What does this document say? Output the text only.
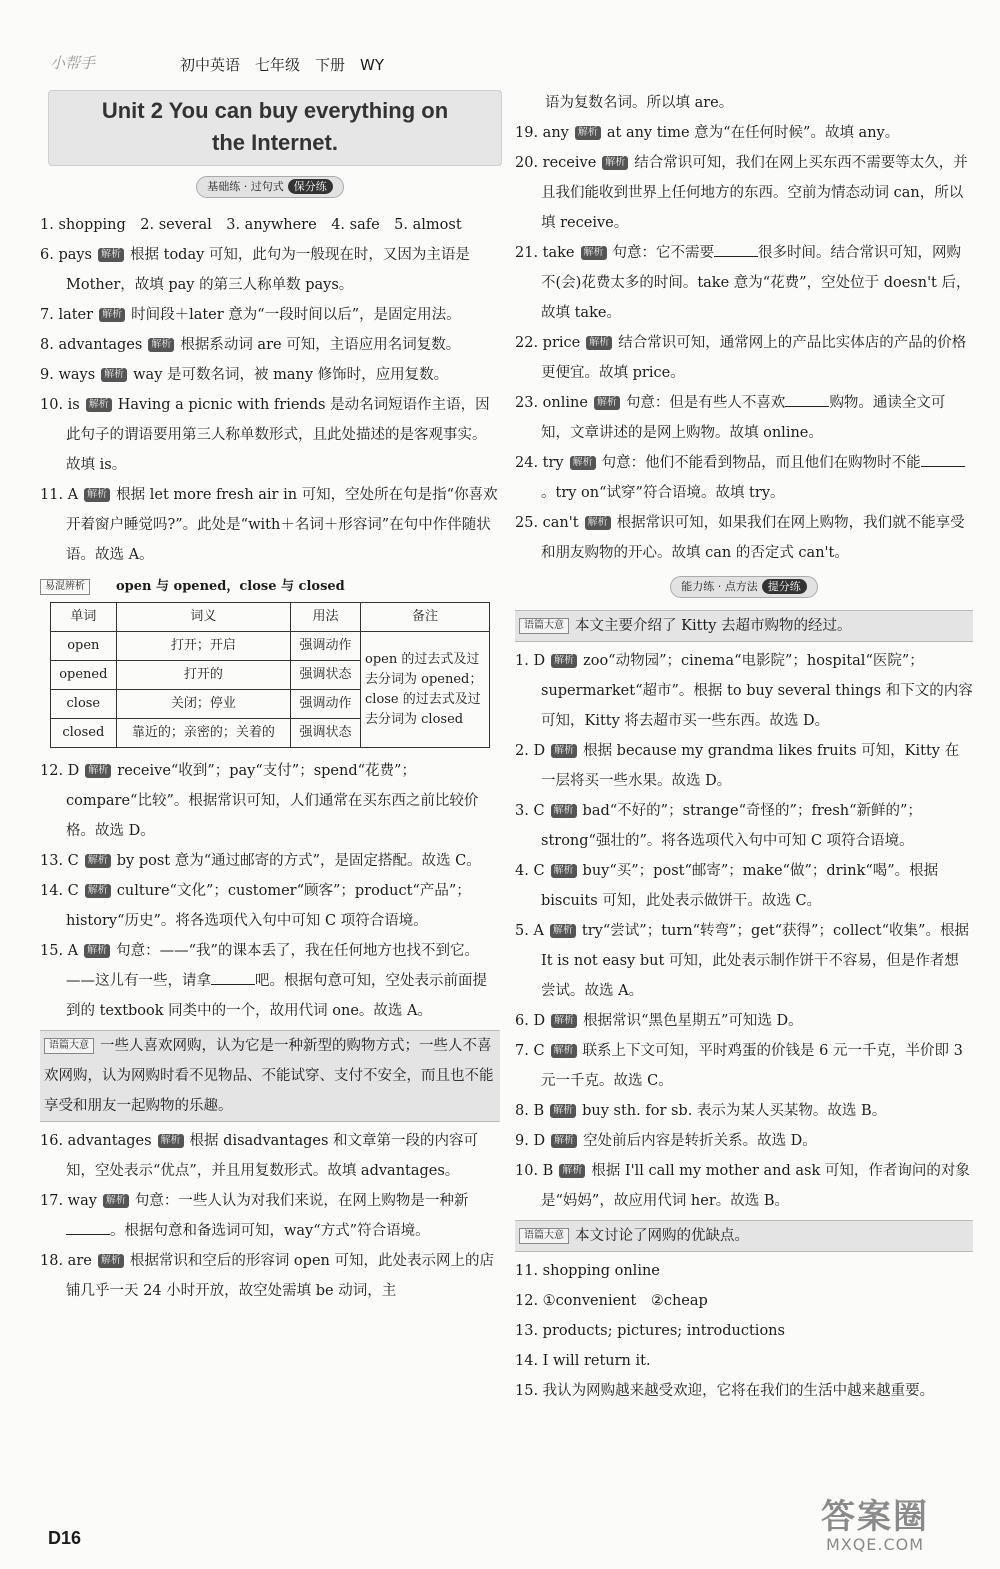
小帮手	初中英语　七年级　下册　WY
Unit 2 You can buy everything on
the Internet.
基础练 · 过句式 保分练

1. shopping　2. several　3. anywhere　4. safe　5. almost

6. pays 解析 根据 today 可知，此句为一般现在时，又因为主语是 Mother，故填 pay 的第三人称单数 pays。

7. later 解析 时间段＋later 意为“一段时间以后”，是固定用法。

8. advantages 解析 根据系动词 are 可知，主语应用名词复数。

9. ways 解析 way 是可数名词，被 many 修饰时，应用复数。

10. is 解析 Having a picnic with friends 是动名词短语作主语，因此句子的谓语要用第三人称单数形式，且此处描述的是客观事实。故填 is。

11. A 解析 根据 let more fresh air in 可知，空处所在句是指“你喜欢开着窗户睡觉吗?”。此处是“with＋名词＋形容词”在句中作伴随状语。故选 A。

易混辨析	open 与 opened，close 与 closed
单词	词义	用法	备注
open	打开；开启	强调动作	open 的过去式及过去分词为 opened；close 的过去式及过去分词为 closed
opened	打开的	强调状态	
close	关闭；停业	强调动作	
closed	靠近的；亲密的；关着的	强调状态	

12. D 解析 receive“收到”；pay“支付”；spend“花费”；compare“比较”。根据常识可知，人们通常在买东西之前比较价格。故选 D。

13. C 解析 by post 意为“通过邮寄的方式”，是固定搭配。故选 C。

14. C 解析 culture“文化”；customer“顾客”；product“产品”；history“历史”。将各选项代入句中可知 C 项符合语境。

15. A 解析 句意：——“我”的课本丢了，我在任何地方也找不到它。——这儿有一些，请拿	吧。根据句意可知，空处表示前面提到的 textbook 同类中的一个，故用代词 one。故选 A。

语篇大意 一些人喜欢网购，认为它是一种新型的购物方式；一些人不喜欢网购，认为网购时看不见物品、不能试穿、支付不安全，而且也不能享受和朋友一起购物的乐趣。

16. advantages 解析 根据 disadvantages 和文章第一段的内容可知，空处表示“优点”，并且用复数形式。故填 advantages。

17. way 解析 句意：一些人认为对我们来说，在网上购物是一种新。根据句意和备选词可知，way“方式”符合语境。

18. are 解析 根据常识和空后的形容词 open 可知，此处表示网上的店铺几乎一天 24 小时开放，故空处需填 be 动词，主

语为复数名词。所以填 are。

19. any 解析 at any time 意为“在任何时候”。故填 any。

20. receive 解析 结合常识可知，我们在网上买东西不需要等太久，并且我们能收到世界上任何地方的东西。空前为情态动词 can，所以填 receive。

21. take 解析 句意：它不需要	很多时间。结合常识可知，网购不(会)花费太多的时间。take 意为“花费”，空处位于 doesn't 后，故填 take。

22. price 解析 结合常识可知，通常网上的产品比实体店的产品的价格更便宜。故填 price。

23. online 解析 句意：但是有些人不喜欢	购物。通读全文可知，文章讲述的是网上购物。故填 online。

24. try 解析 句意：他们不能看到物品，而且他们在购物时不能。try on“试穿”符合语境。故填 try。

25. can't 解析 根据常识可知，如果我们在网上购物，我们就不能享受和朋友购物的开心。故填 can 的否定式 can't。

能力练 · 点方法 提分练
语篇大意 本文主要介绍了 Kitty 去超市购物的经过。

1. D 解析 zoo“动物园”；cinema“电影院”；hospital“医院”；supermarket“超市”。根据 to buy several things 和下文的内容可知，Kitty 将去超市买一些东西。故选 D。

2. D 解析 根据 because my grandma likes fruits 可知，Kitty 在一层将买一些水果。故选 D。

3. C 解析 bad“不好的”；strange“奇怪的”；fresh“新鲜的”；strong“强壮的”。将各选项代入句中可知 C 项符合语境。

4. C 解析 buy“买”；post“邮寄”；make“做”；drink“喝”。根据 biscuits 可知，此处表示做饼干。故选 C。

5. A 解析 try“尝试”；turn“转弯”；get“获得”；collect“收集”。根据 It is not easy but 可知，此处表示制作饼干不容易，但是作者想尝试。故选 A。

6. D 解析 根据常识“黑色星期五”可知选 D。

7. C 解析 联系上下文可知，平时鸡蛋的价钱是 6 元一千克，半价即 3 元一千克。故选 C。

8. B 解析 buy sth. for sb. 表示为某人买某物。故选 B。

9. D 解析 空处前后内容是转折关系。故选 D。

10. B 解析 根据 I'll call my mother and ask 可知，作者询问的对象是“妈妈”，故应用代词 her。故选 B。

语篇大意 本文讨论了网购的优缺点。

11. shopping online

12. ①convenient　②cheap

13. products; pictures; introductions

14. I will return it.

15. 我认为网购越来越受欢迎，它将在我们的生活中越来越重要。

D16
答案圈
MXQE.COM
